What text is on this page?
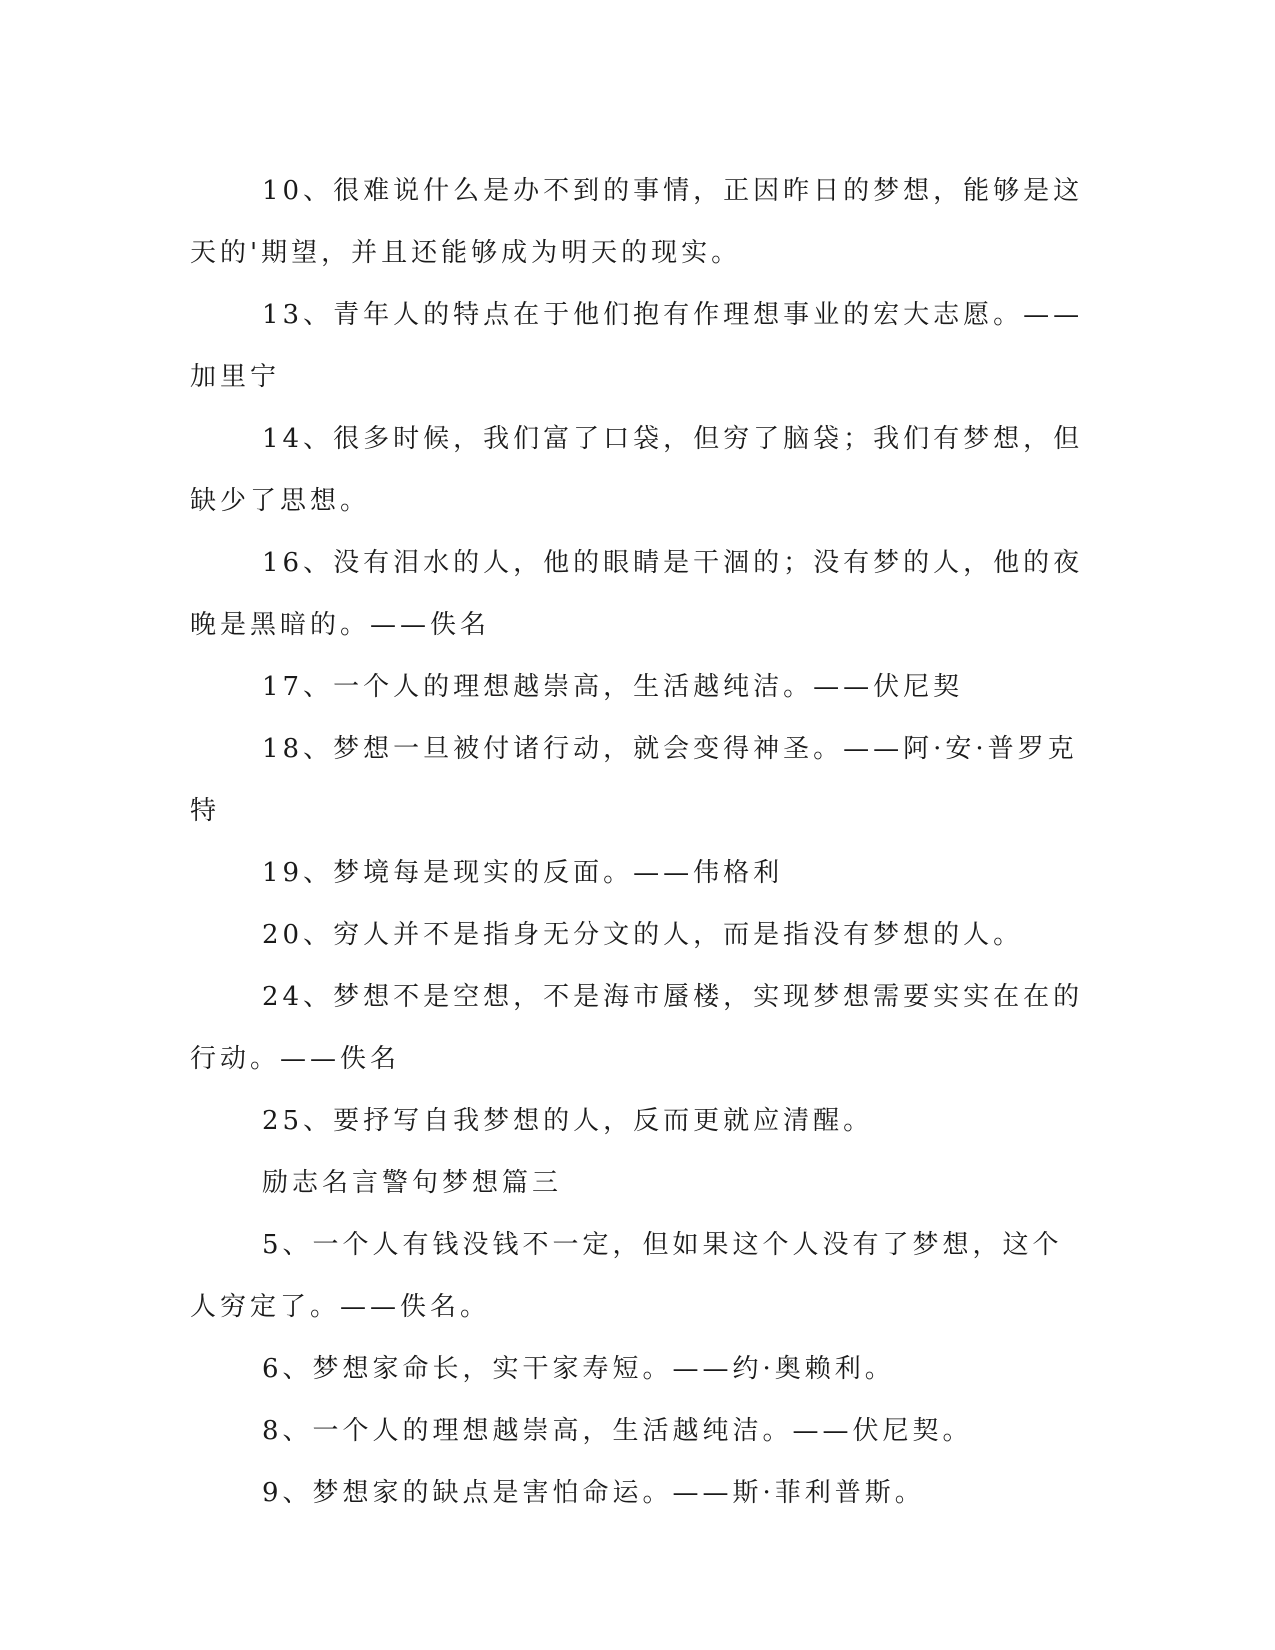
10、很难说什么是办不到的事情，正因昨日的梦想，能够是这天的'期望，并且还能够成为明天的现实。

13、青年人的特点在于他们抱有作理想事业的宏大志愿。——加里宁

14、很多时候，我们富了口袋，但穷了脑袋；我们有梦想，但缺少了思想。

16、没有泪水的人，他的眼睛是干涸的；没有梦的人，他的夜晚是黑暗的。——佚名

17、一个人的理想越崇高，生活越纯洁。——伏尼契

18、梦想一旦被付诸行动，就会变得神圣。——阿·安·普罗克特

19、梦境每是现实的反面。——伟格利

20、穷人并不是指身无分文的人，而是指没有梦想的人。

24、梦想不是空想，不是海市蜃楼，实现梦想需要实实在在的行动。——佚名

25、要抒写自我梦想的人，反而更就应清醒。

励志名言警句梦想篇三

5、一个人有钱没钱不一定，但如果这个人没有了梦想，这个人穷定了。——佚名。

6、梦想家命长，实干家寿短。——约·奥赖利。

8、一个人的理想越崇高，生活越纯洁。——伏尼契。

9、梦想家的缺点是害怕命运。——斯·菲利普斯。
